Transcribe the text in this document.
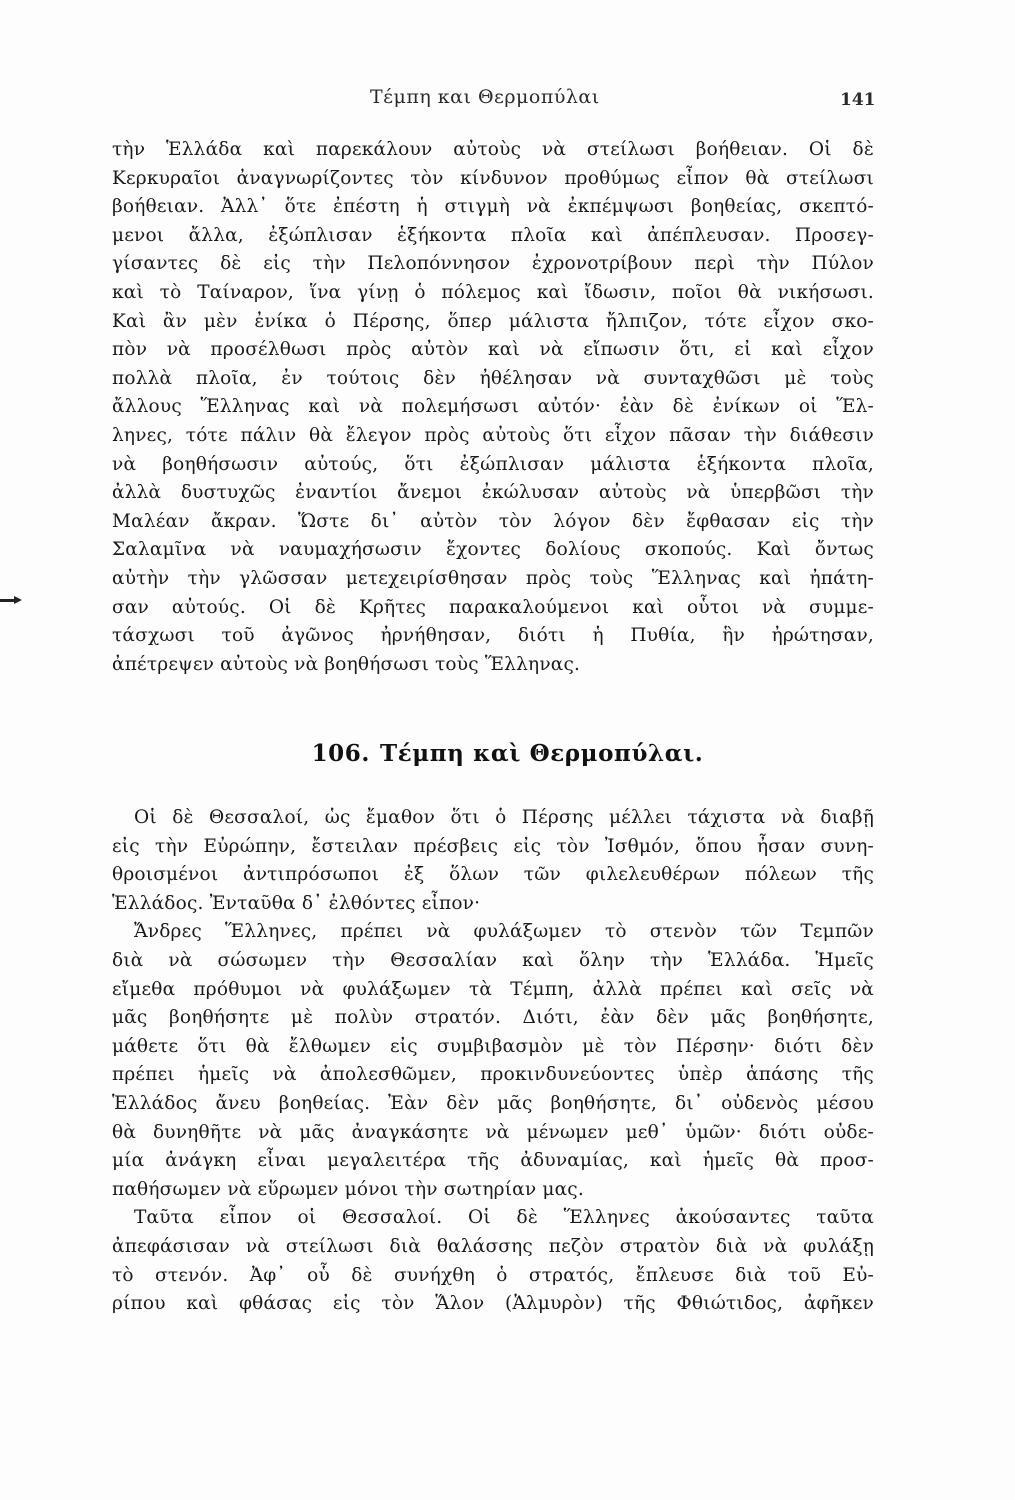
Τέμπη και Θερμοπύλαι	141
τὴν Ἑλλάδα καὶ παρεκάλουν αὐτοὺς νὰ στείλωσι βοήθειαν. Οἱ δὲ
Κερκυραῖοι ἀναγνωρίζοντες τὸν κίνδυνον προθύμως εἶπον θὰ στείλωσι
βοήθειαν. Ἀλλ᾿ ὅτε ἐπέστη ἡ στιγμὴ νὰ ἐκπέμψωσι βοηθείας, σκεπτό-
μενοι ἄλλα, ἐξώπλισαν ἑξήκοντα πλοῖα καὶ ἀπέπλευσαν. Προσεγ-
γίσαντες δὲ εἰς τὴν Πελοπόννησον ἐχρονοτρίβουν περὶ τὴν Πύλον
καὶ τὸ Ταίναρον, ἵνα γίνῃ ὁ πόλεμος καὶ ἴδωσιν, ποῖοι θὰ νικήσωσι.
Καὶ ἂν μὲν ἐνίκα ὁ Πέρσης, ὅπερ μάλιστα ἤλπιζον, τότε εἶχον σκο-
πὸν νὰ προσέλθωσι πρὸς αὐτὸν καὶ νὰ εἴπωσιν ὅτι, εἰ καὶ εἶχον
πολλὰ πλοῖα, ἐν τούτοις δὲν ἠθέλησαν νὰ συνταχθῶσι μὲ τοὺς
ἄλλους Ἕλληνας καὶ νὰ πολεμήσωσι αὐτόν· ἐὰν δὲ ἐνίκων οἱ Ἕλ-
ληνες, τότε πάλιν θὰ ἔλεγον πρὸς αὐτοὺς ὅτι εἶχον πᾶσαν τὴν διάθεσιν
νὰ βοηθήσωσιν αὐτούς, ὅτι ἐξώπλισαν μάλιστα ἑξήκοντα πλοῖα,
ἀλλὰ δυστυχῶς ἐναντίοι ἄνεμοι ἐκώλυσαν αὐτοὺς νὰ ὑπερβῶσι τὴν
Μαλέαν ἄκραν. Ὥστε δι᾿ αὐτὸν τὸν λόγον δὲν ἔφθασαν εἰς τὴν
Σαλαμῖνα νὰ ναυμαχήσωσιν ἔχοντες δολίους σκοπούς. Καὶ ὄντως
αὐτὴν τὴν γλῶσσαν μετεχειρίσθησαν πρὸς τοὺς Ἕλληνας καὶ ἠπάτη-
σαν αὐτούς. Οἱ δὲ Κρῆτες παρακαλούμενοι καὶ οὗτοι νὰ συμμε-
τάσχωσι τοῦ ἀγῶνος ἠρνήθησαν, διότι ἡ Πυθία, ἣν ἠρώτησαν,
ἀπέτρεψεν αὐτοὺς νὰ βοηθήσωσι τοὺς Ἕλληνας.
106. Τέμπη καὶ Θερμοπύλαι.
Οἱ δὲ Θεσσαλοί, ὡς ἔμαθον ὅτι ὁ Πέρσης μέλλει τάχιστα νὰ διαβῇ
εἰς τὴν Εὐρώπην, ἔστειλαν πρέσβεις εἰς τὸν Ἰσθμόν, ὅπου ἦσαν συνη-
θροισμένοι ἀντιπρόσωποι ἐξ ὅλων τῶν φιλελευθέρων πόλεων τῆς
Ἑλλάδος. Ἐνταῦθα δ᾿ ἐλθόντες εἶπον·
Ἄνδρες Ἕλληνες, πρέπει νὰ φυλάξωμεν τὸ στενὸν τῶν Τεμπῶν
διὰ νὰ σώσωμεν τὴν Θεσσαλίαν καὶ ὅλην τὴν Ἑλλάδα. Ἡμεῖς
εἴμεθα πρόθυμοι νὰ φυλάξωμεν τὰ Τέμπη, ἀλλὰ πρέπει καὶ σεῖς νὰ
μᾶς βοηθήσητε μὲ πολὺν στρατόν. Διότι, ἐὰν δὲν μᾶς βοηθήσητε,
μάθετε ὅτι θὰ ἔλθωμεν εἰς συμβιβασμὸν μὲ τὸν Πέρσην· διότι δὲν
πρέπει ἡμεῖς νὰ ἀπολεσθῶμεν, προκινδυνεύοντες ὑπὲρ ἁπάσης τῆς
Ἑλλάδος ἄνευ βοηθείας. Ἐὰν δὲν μᾶς βοηθήσητε, δι᾿ οὐδενὸς μέσου
θὰ δυνηθῆτε νὰ μᾶς ἀναγκάσητε νὰ μένωμεν μεθ᾿ ὑμῶν· διότι οὐδε-
μία ἀνάγκη εἶναι μεγαλειτέρα τῆς ἀδυναμίας, καὶ ἡμεῖς θὰ προσ-
παθήσωμεν νὰ εὕρωμεν μόνοι τὴν σωτηρίαν μας.
Ταῦτα εἶπον οἱ Θεσσαλοί. Οἱ δὲ Ἕλληνες ἀκούσαντες ταῦτα
ἀπεφάσισαν νὰ στείλωσι διὰ θαλάσσης πεζὸν στρατὸν διὰ νὰ φυλάξῃ
τὸ στενόν. Ἀφ᾿ οὗ δὲ συνήχθη ὁ στρατός, ἔπλευσε διὰ τοῦ Εὐ-
ρίπου καὶ φθάσας εἰς τὸν Ἅλον (Ἁλμυρὸν) τῆς Φθιώτιδος, ἀφῆκεν
